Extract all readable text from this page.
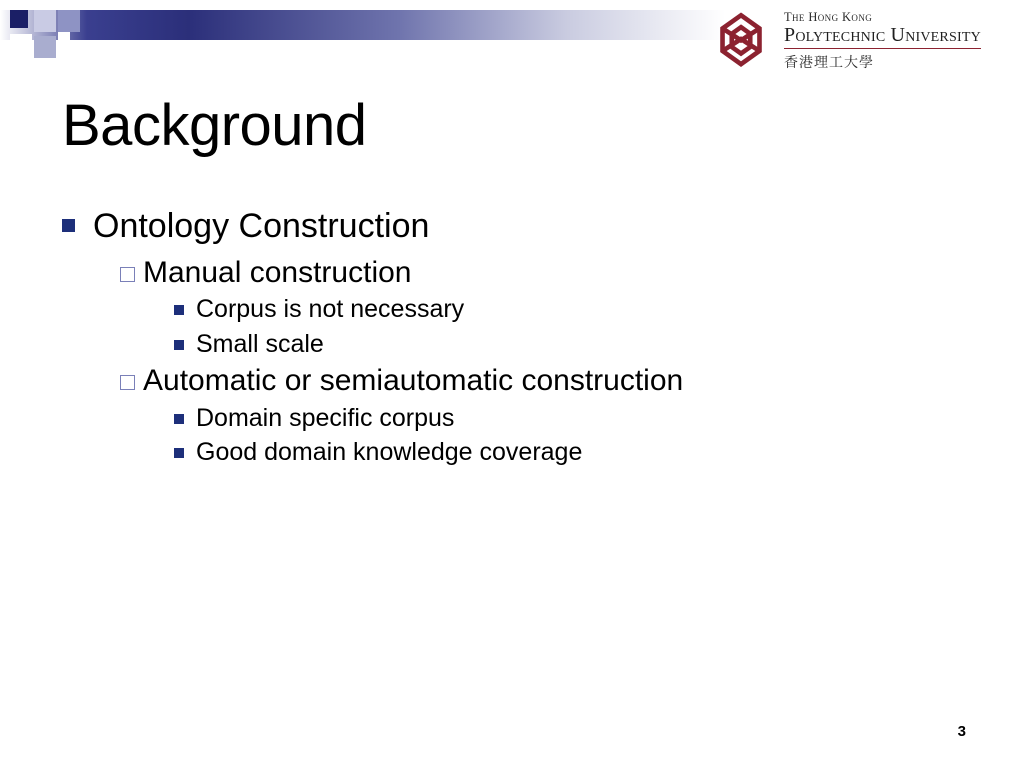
The Hong Kong
Polytechnic University
香港理工大學
Background
Ontology Construction
Manual construction
Corpus is not necessary
Small scale
Automatic or semiautomatic construction
Domain specific corpus
Good domain knowledge coverage
3
